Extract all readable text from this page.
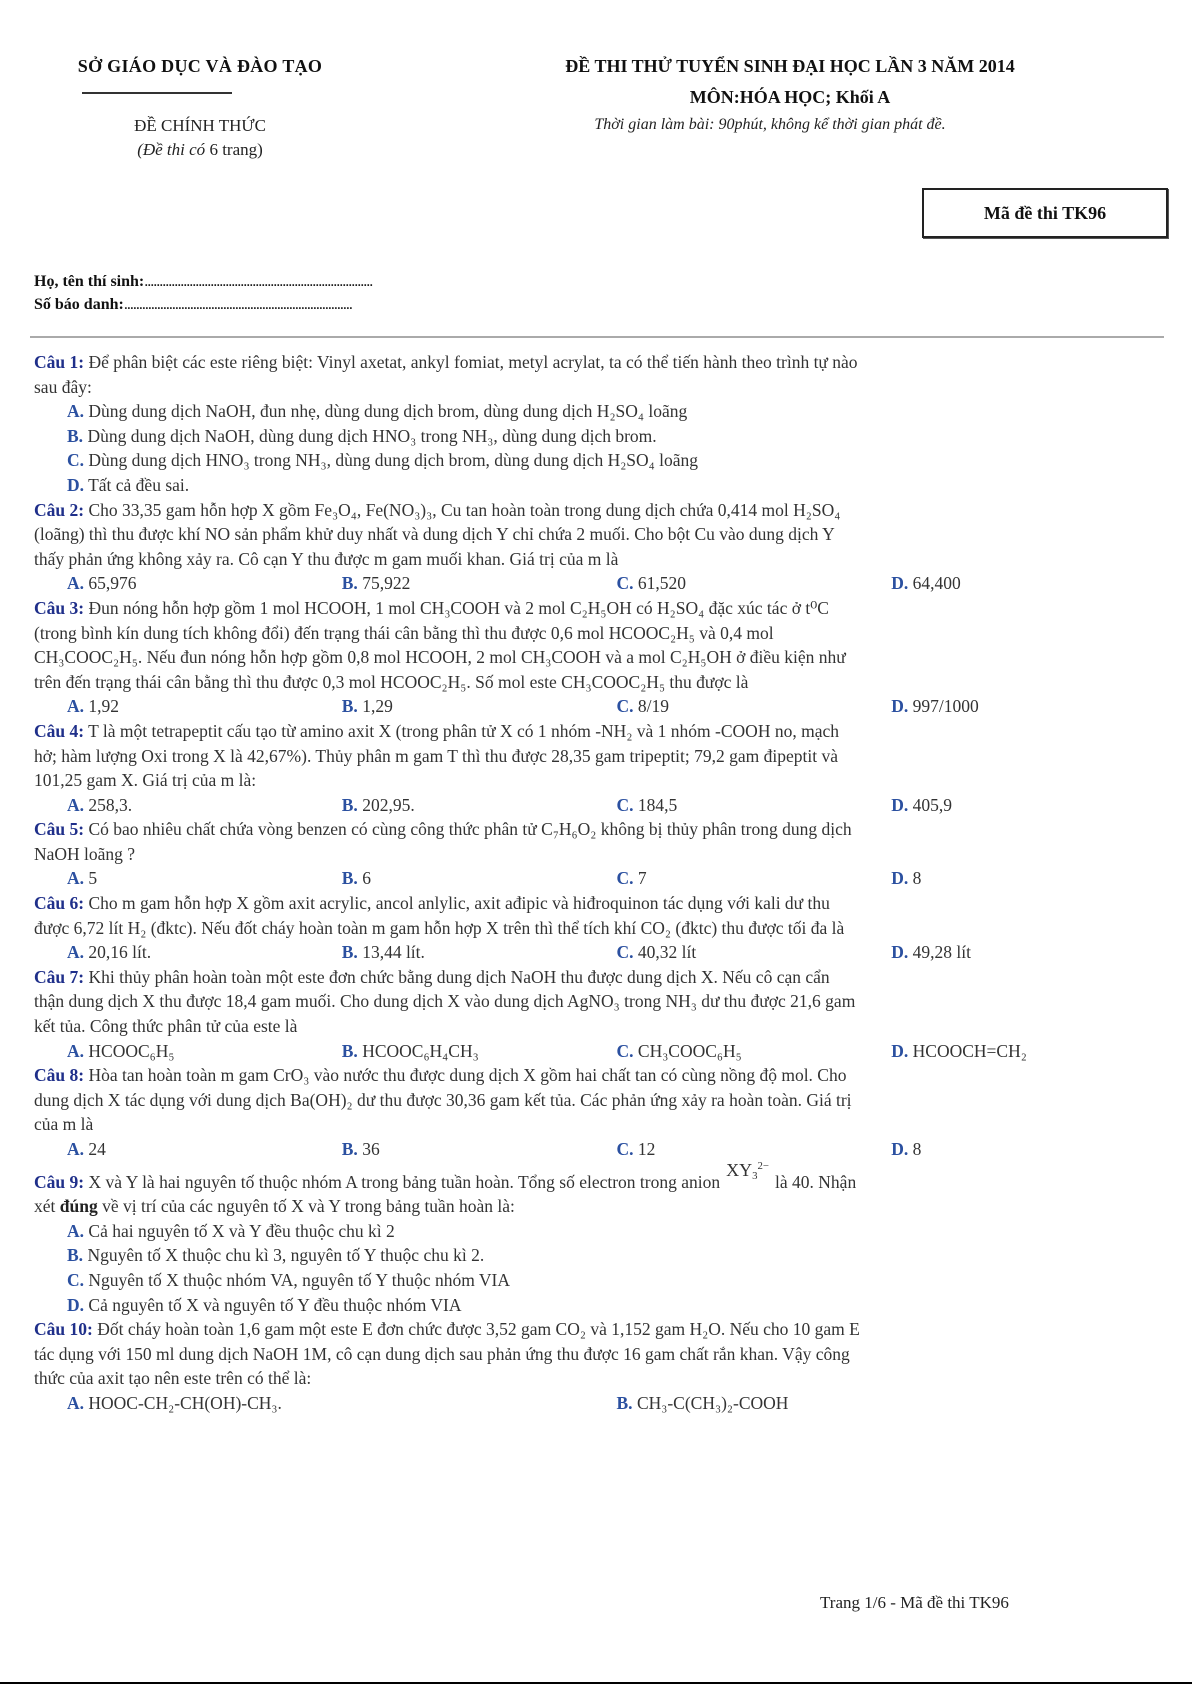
SỞ GIÁO DỤC VÀ ĐÀO TẠO
ĐỀ CHÍNH THỨC
(Đề thi có 6 trang)
ĐỀ THI THỬ TUYỂN SINH ĐẠI HỌC LẦN 3 NĂM 2014
MÔN:HÓA HỌC; Khối A
Thời gian làm bài: 90phút, không kể thời gian phát đề.
Mã đề thi TK96
Họ, tên thí sinh:............................................................................
Số báo danh:............................................................................
Câu 1: Để phân biệt các este riêng biệt: Vinyl axetat, ankyl fomiat, metyl acrylat, ta có thể tiến hành theo trình tự nào
sau đây:
A. Dùng dung dịch NaOH, đun nhẹ, dùng dung dịch brom, dùng dung dịch H₂SO₄ loãng
B. Dùng dung dịch NaOH, dùng dung dịch HNO₃ trong NH₃, dùng dung dịch brom.
C. Dùng dung dịch HNO₃ trong NH₃, dùng dung dịch brom, dùng dung dịch H₂SO₄ loãng
D. Tất cả đều sai.
Câu 2: Cho 33,35 gam hỗn hợp X gồm Fe₃O₄, Fe(NO₃)₃, Cu tan hoàn toàn trong dung dịch chứa 0,414 mol H₂SO₄
(loãng) thì thu được khí NO sản phẩm khử duy nhất và dung dịch Y chỉ chứa 2 muối. Cho bột Cu vào dung dịch Y
thấy phản ứng không xảy ra. Cô cạn Y thu được m gam muối khan. Giá trị của m là
A. 65,976	B. 75,922	C. 61,520	D. 64,400
Câu 3: Đun nóng hỗn hợp gồm 1 mol HCOOH, 1 mol CH₃COOH và 2 mol C₂H₅OH có H₂SO₄ đặc xúc tác ở t⁰C
(trong bình kín dung tích không đổi) đến trạng thái cân bằng thì thu được 0,6 mol HCOOC₂H₅ và 0,4 mol
CH₃COOC₂H₅. Nếu đun nóng hỗn hợp gồm 0,8 mol HCOOH, 2 mol CH₃COOH và a mol C₂H₅OH ở điều kiện như
trên đến trạng thái cân bằng thì thu được 0,3 mol HCOOC₂H₅. Số mol este CH₃COOC₂H₅ thu được là
A. 1,92	B. 1,29	C. 8/19	D. 997/1000
Câu 4: T là một tetrapeptit cấu tạo từ amino axit X (trong phân tử X có 1 nhóm -NH₂ và 1 nhóm -COOH no, mạch
hở; hàm lượng Oxi trong X là 42,67%). Thủy phân m gam T thì thu được 28,35 gam tripeptit; 79,2 gam đipeptit và
101,25 gam X. Giá trị của m là:
A. 258,3.	B. 202,95.	C. 184,5	D. 405,9
Câu 5: Có bao nhiêu chất chứa vòng benzen có cùng công thức phân tử C₇H₆O₂ không bị thủy phân trong dung dịch
NaOH loãng ?
A. 5	B. 6	C. 7	D. 8
Câu 6: Cho m gam hỗn hợp X gồm axit acrylic, ancol anlylic, axit ađipic và hiđroquinon tác dụng với kali dư thu
được 6,72 lít H₂ (đktc). Nếu đốt cháy hoàn toàn m gam hỗn hợp X trên thì thể tích khí CO₂ (đktc) thu được tối đa là
A. 20,16 lít.	B. 13,44 lít.	C. 40,32 lít	D. 49,28 lít
Câu 7: Khi thủy phân hoàn toàn một este đơn chức bằng dung dịch NaOH thu được dung dịch X. Nếu cô cạn cẩn
thận dung dịch X thu được 18,4 gam muối. Cho dung dịch X vào dung dịch AgNO₃ trong NH₃ dư thu được 21,6 gam
kết tủa. Công thức phân tử của este là
A. HCOOC₆H₅	B. HCOOC₆H₄CH₃	C. CH₃COOC₆H₅	D. HCOOCH=CH₂
Câu 8: Hòa tan hoàn toàn m gam CrO₃ vào nước thu được dung dịch X gồm hai chất tan có cùng nồng độ mol. Cho
dung dịch X tác dụng với dung dịch Ba(OH)₂ dư thu được 30,36 gam kết tủa. Các phản ứng xảy ra hoàn toàn. Giá trị
của m là
A. 24	B. 36	C. 12	D. 8
Câu 9: X và Y là hai nguyên tố thuộc nhóm A trong bảng tuần hoàn. Tổng số electron trong anionXY$_3^{2-}$là 40. Nhận
xét đúng về vị trí của các nguyên tố X và Y trong bảng tuần hoàn là:
A. Cả hai nguyên tố X và Y đều thuộc chu kì 2
B. Nguyên tố X thuộc chu kì 3, nguyên tố Y thuộc chu kì 2.
C. Nguyên tố X thuộc nhóm VA, nguyên tố Y thuộc nhóm VIA
D. Cả nguyên tố X và nguyên tố Y đều thuộc nhóm VIA
Câu 10: Đốt cháy hoàn toàn 1,6 gam một este E đơn chức được 3,52 gam CO₂ và 1,152 gam H₂O. Nếu cho 10 gam E
tác dụng với 150 ml dung dịch NaOH 1M, cô cạn dung dịch sau phản ứng thu được 16 gam chất rắn khan. Vậy công
thức của axit tạo nên este trên có thể là:
A. HOOC-CH₂-CH(OH)-CH₃.	B. CH₃-C(CH₃)₂-COOH
Trang 1/6 - Mã đề thi TK96
